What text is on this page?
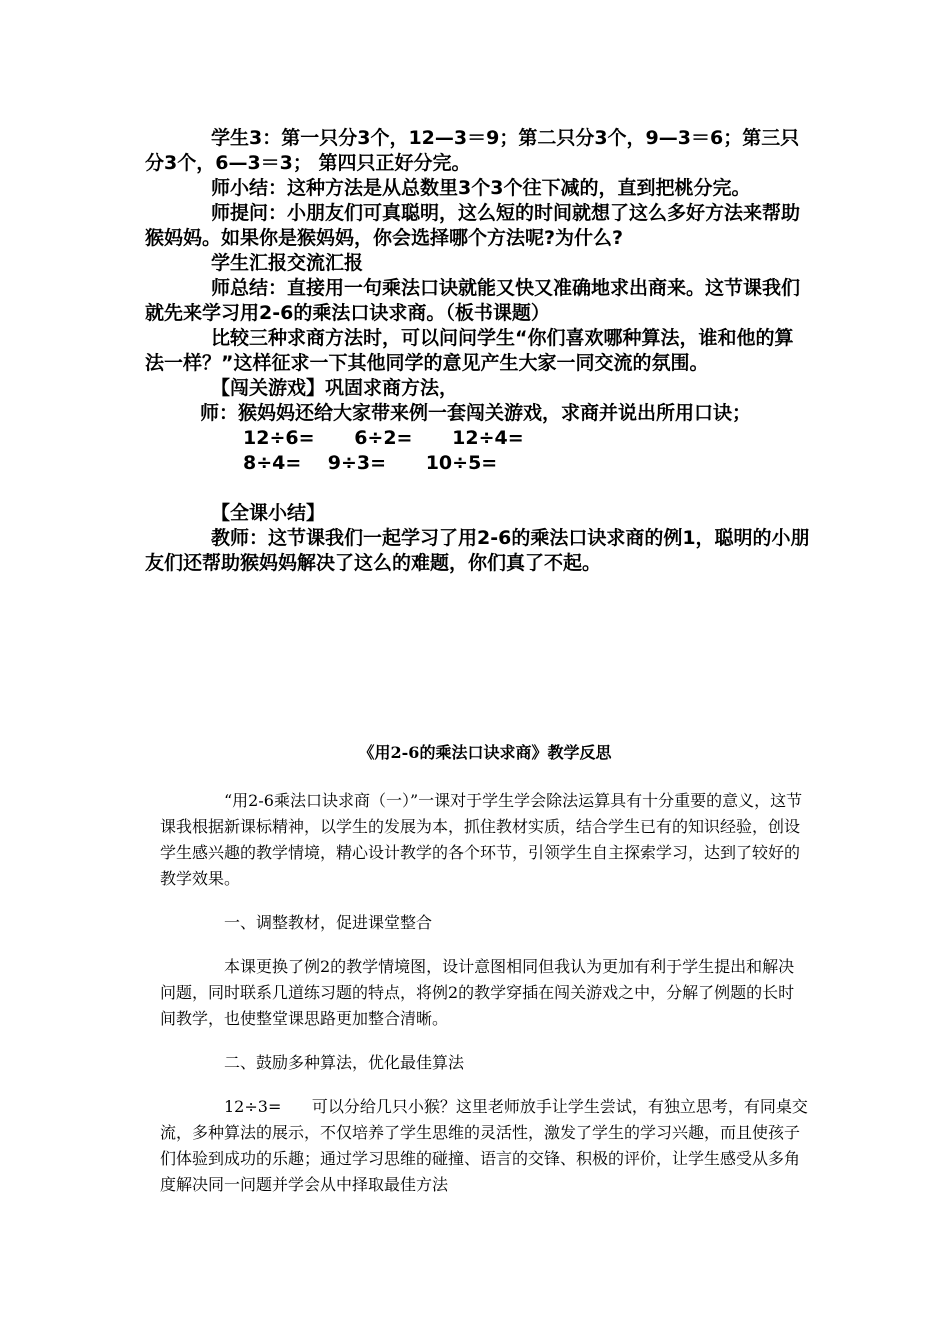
学生3：第一只分3个，12—3＝9；第二只分3个，9—3＝6；第三只分3个，6—3＝3； 第四只正好分完。

师小结：这种方法是从总数里3个3个往下减的，直到把桃分完。

师提问：小朋友们可真聪明，这么短的时间就想了这么多好方法来帮助猴妈妈。如果你是猴妈妈，你会选择哪个方法呢?为什么?

学生汇报交流汇报

师总结：直接用一句乘法口诀就能又快又准确地求出商来。这节课我们就先来学习用2-6的乘法口诀求商。（板书课题）

比较三种求商方法时，可以问问学生“你们喜欢哪种算法，谁和他的算法一样？”这样征求一下其他同学的意见产生大家一同交流的氛围。

【闯关游戏】巩固求商方法，

师：猴妈妈还给大家带来例一套闯关游戏，求商并说出所用口诀；

12÷6=      6÷2=      12÷4=

8÷4=    9÷3=      10÷5=

【全课小结】

教师：这节课我们一起学习了用2-6的乘法口诀求商的例1，聪明的小朋友们还帮助猴妈妈解决了这么的难题，你们真了不起。

《用2-6的乘法口诀求商》教学反思

“用2-6乘法口诀求商（一）”一课对于学生学会除法运算具有十分重要的意义，这节课我根据新课标精神，以学生的发展为本，抓住教材实质，结合学生已有的知识经验，创设学生感兴趣的教学情境，精心设计教学的各个环节，引领学生自主探索学习，达到了较好的教学效果。

一、调整教材，促进课堂整合

本课更换了例2的教学情境图，设计意图相同但我认为更加有利于学生提出和解决问题，同时联系几道练习题的特点，将例2的教学穿插在闯关游戏之中，分解了例题的长时间教学，也使整堂课思路更加整合清晰。

二、鼓励多种算法，优化最佳算法

12÷3=      可以分给几只小猴？这里老师放手让学生尝试，有独立思考，有同桌交流，多种算法的展示，不仅培养了学生思维的灵活性，激发了学生的学习兴趣，而且使孩子们体验到成功的乐趣；通过学习思维的碰撞、语言的交锋、积极的评价，让学生感受从多角度解决同一问题并学会从中择取最佳方法
